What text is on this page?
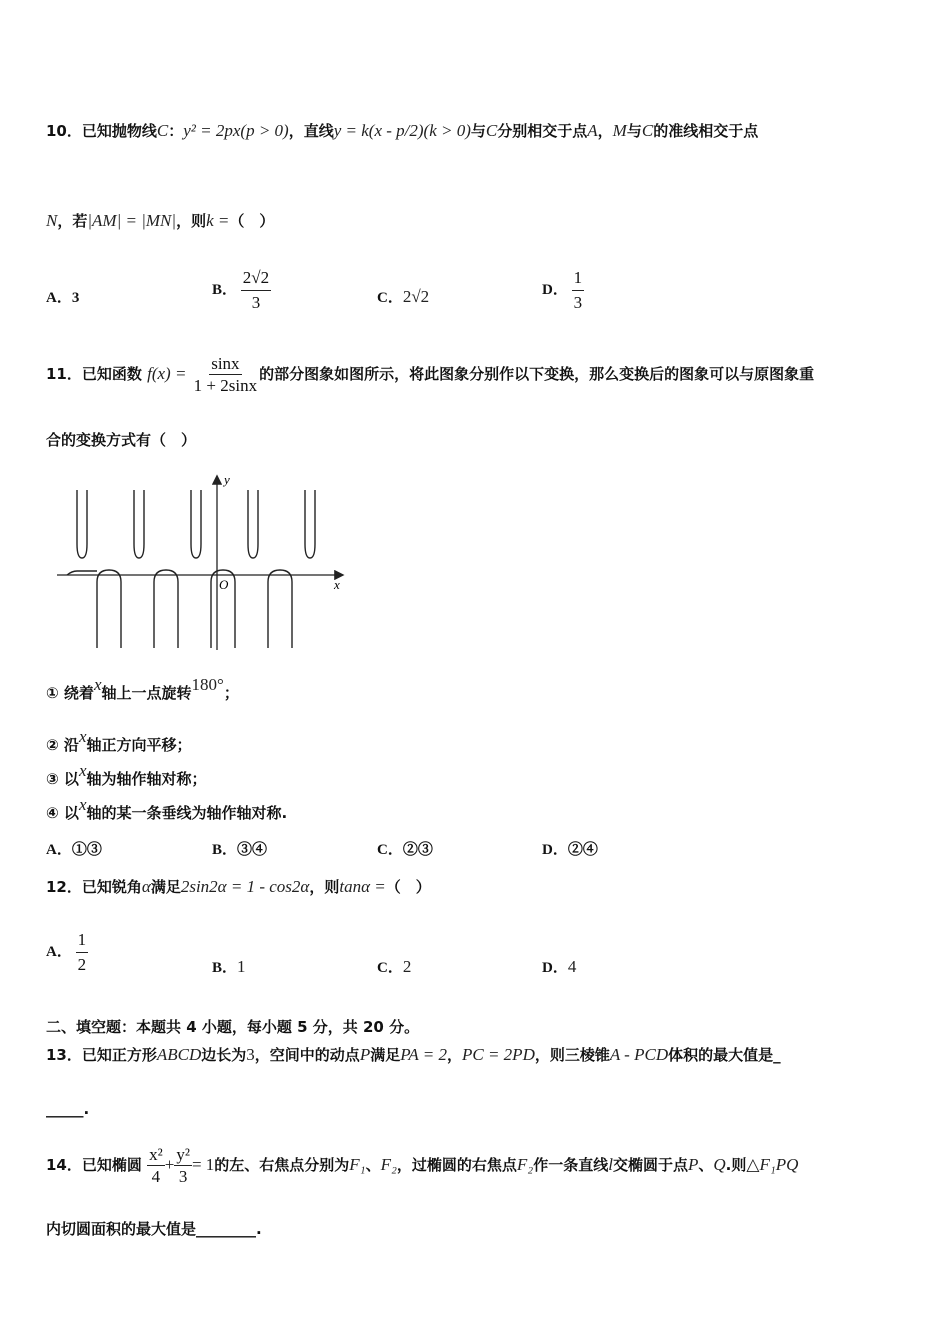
10．已知抛物线C：y² = 2px(p > 0)，直线y = k(x - p/2)(k > 0)与C分别相交于点A，M与C的准线相交于点
N，若|AM| = |MN|，则k =（　）
A．3
B． $\frac{2√2}{3}$	C．2√2	D． $\frac{1}{3}$
11．已知函数 $f(x) = \frac{\sin x}{1 + 2\sin x}$ 的部分图象如图所示，将此图象分别作以下变换，那么变换后的图象可以与原图象重
合的变换方式有（　）
y
x
O
① 绕着x轴上一点旋转180°；
② 沿x轴正方向平移；
③ 以x轴为轴作轴对称；
④ 以x轴的某一条垂线为轴作轴对称.
A．①③	B．③④	C．②③	D．②④
12．已知锐角α满足2sin2α = 1 - cos2α，则tanα =（　）
A． $\frac{1}{2}$	B．1	C．2	D．4
二、填空题：本题共 4 小题，每小题 5 分，共 20 分。
13．已知正方形ABCD边长为3，空间中的动点P满足PA = 2，PC = 2PD，则三棱锥A - PCD体积的最大值是_
_____.
14．已知椭圆 $\frac{\text{x²}}{4} + \frac{\text{y²}}{3} = 1$的左、右焦点分别为F₁、F₂，过椭圆的右焦点F₂作一条直线l交椭圆于点P、Q.则△F₁PQ
内切圆面积的最大值是________.
